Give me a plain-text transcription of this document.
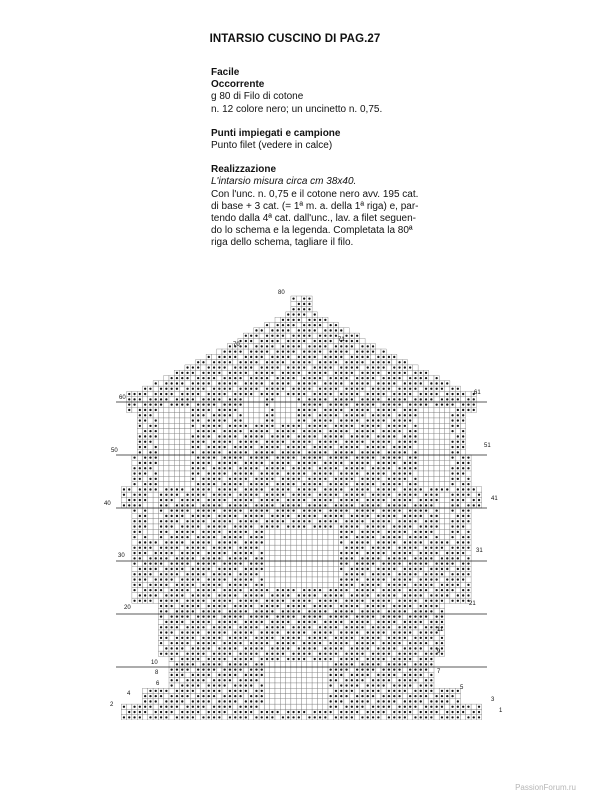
INTARSIO CUSCINO DI PAG.27

Facile

Occorrente

g 80 di Filo di cotone

n. 12 colore nero; un uncinetto n. 0,75.

Punti impiegati e campione

Punto filet (vedere in calce)

Realizzazione

L'intarsio misura circa cm 38x40.

Con l'unc. n. 0,75 e il cotone nero avv. 195 cat.

di base + 3 cat. (= 1ª m. a. della 1ª riga) e, par-

tendo dalla 4ª cat. dall'unc., lav. a filet seguen-

do lo schema e la legenda. Completata la 80ª

riga dello schema, tagliare il filo.

80
70
60
50
40
30
20
10
8
6
4
2
71
61
51
41
31
21
11
9
7
5
3
1
PassionForum.ru
